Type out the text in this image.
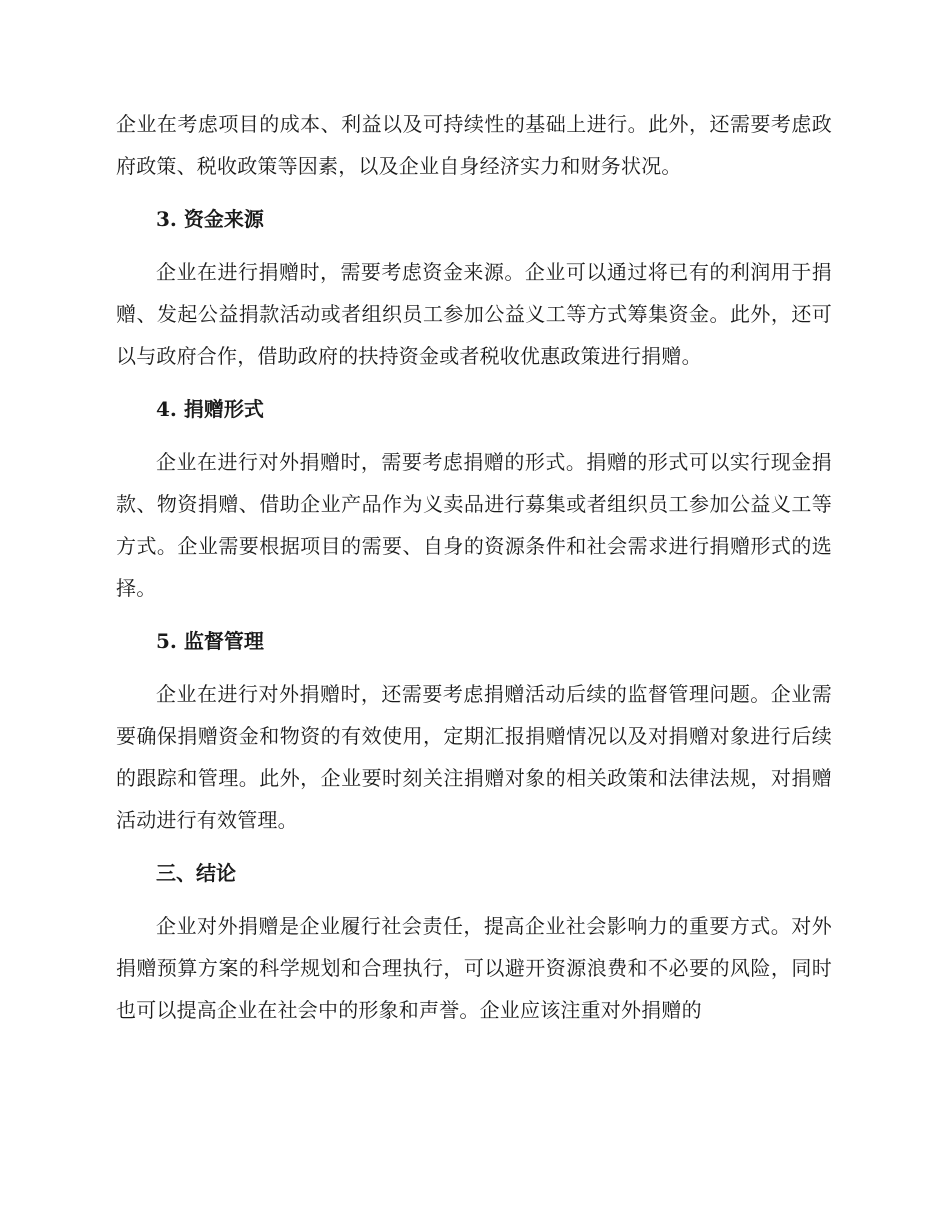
企业在考虑项目的成本、利益以及可持续性的基础上进行。此外，还需要考虑政府政策、税收政策等因素，以及企业自身经济实力和财务状况。

3. 资金来源

企业在进行捐赠时，需要考虑资金来源。企业可以通过将已有的利润用于捐赠、发起公益捐款活动或者组织员工参加公益义工等方式筹集资金。此外，还可以与政府合作，借助政府的扶持资金或者税收优惠政策进行捐赠。

4. 捐赠形式

企业在进行对外捐赠时，需要考虑捐赠的形式。捐赠的形式可以实行现金捐款、物资捐赠、借助企业产品作为义卖品进行募集或者组织员工参加公益义工等方式。企业需要根据项目的需要、自身的资源条件和社会需求进行捐赠形式的选择。

5. 监督管理

企业在进行对外捐赠时，还需要考虑捐赠活动后续的监督管理问题。企业需要确保捐赠资金和物资的有效使用，定期汇报捐赠情况以及对捐赠对象进行后续的跟踪和管理。此外，企业要时刻关注捐赠对象的相关政策和法律法规，对捐赠活动进行有效管理。

三、结论

企业对外捐赠是企业履行社会责任，提高企业社会影响力的重要方式。对外捐赠预算方案的科学规划和合理执行，可以避开资源浪费和不必要的风险，同时也可以提高企业在社会中的形象和声誉。企业应该注重对外捐赠的
